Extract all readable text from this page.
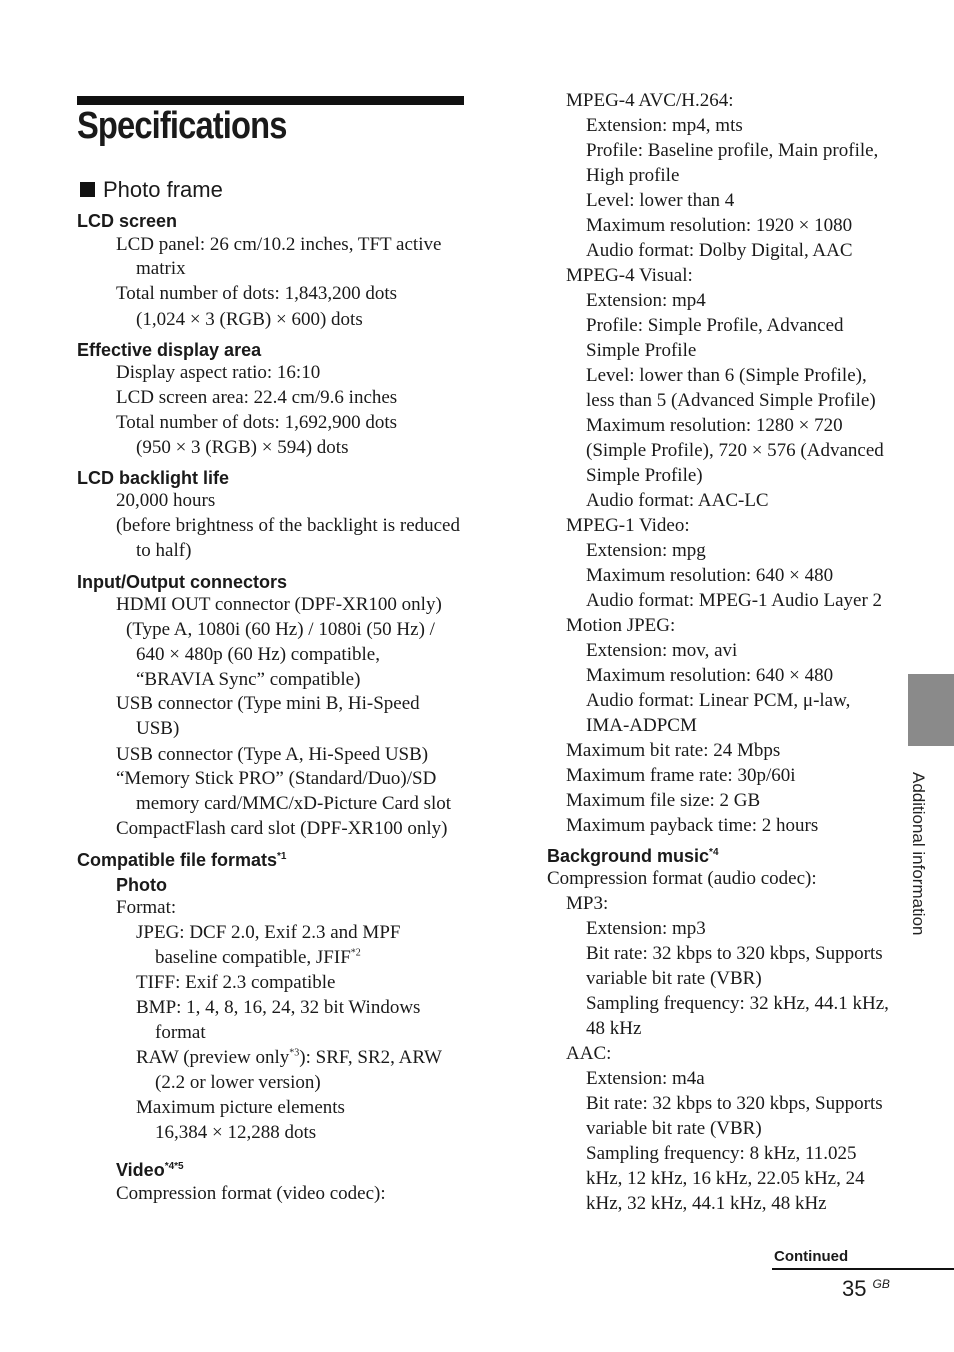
Specifications
Photo frame
LCD screen
LCD panel: 26 cm/10.2 inches, TFT active
matrix
Total number of dots: 1,843,200 dots
(1,024 × 3 (RGB) × 600) dots
Effective display area
Display aspect ratio: 16:10
LCD screen area: 22.4 cm/9.6 inches
Total number of dots: 1,692,900 dots
(950 × 3 (RGB) × 594) dots
LCD backlight life
20,000 hours
(before brightness of the backlight is reduced
to half)
Input/Output connectors
HDMI OUT connector (DPF-XR100 only)
(Type A, 1080i (60 Hz) / 1080i (50 Hz) /
640 × 480p (60 Hz) compatible,
“BRAVIA Sync” compatible)
USB connector (Type mini B, Hi-Speed
USB)
USB connector (Type A, Hi-Speed USB)
“Memory Stick PRO” (Standard/Duo)/SD
memory card/MMC/xD-Picture Card slot
CompactFlash card slot (DPF-XR100 only)
Compatible file formats$^{*1}$
Photo
Format:
JPEG: DCF 2.0, Exif 2.3 and MPF
baseline compatible, JFIF$^{*2}$
TIFF: Exif 2.3 compatible
BMP: 1, 4, 8, 16, 24, 32 bit Windows
format
RAW (preview only$^{*3}$): SRF, SR2, ARW
(2.2 or lower version)
Maximum picture elements
16,384 × 12,288 dots
Video$^{*4*5}$
Compression format (video codec):
MPEG-4 AVC/H.264:
Extension: mp4, mts
Profile: Baseline profile, Main profile,
High profile
Level: lower than 4
Maximum resolution: 1920 × 1080
Audio format: Dolby Digital, AAC
MPEG-4 Visual:
Extension: mp4
Profile: Simple Profile, Advanced
Simple Profile
Level: lower than 6 (Simple Profile),
less than 5 (Advanced Simple Profile)
Maximum resolution: 1280 × 720
(Simple Profile), 720 × 576 (Advanced
Simple Profile)
Audio format: AAC-LC
MPEG-1 Video:
Extension: mpg
Maximum resolution: 640 × 480
Audio format: MPEG-1 Audio Layer 2
Motion JPEG:
Extension: mov, avi
Maximum resolution: 640 × 480
Audio format: Linear PCM, μ-law,
IMA-ADPCM
Maximum bit rate: 24 Mbps
Maximum frame rate: 30p/60i
Maximum file size: 2 GB
Maximum payback time: 2 hours
Background music$^{*4}$
Compression format (audio codec):
MP3:
Extension: mp3
Bit rate: 32 kbps to 320 kbps, Supports
variable bit rate (VBR)
Sampling frequency: 32 kHz, 44.1 kHz,
48 kHz
AAC:
Extension: m4a
Bit rate: 32 kbps to 320 kbps, Supports
variable bit rate (VBR)
Sampling frequency: 8 kHz, 11.025
kHz, 12 kHz, 16 kHz, 22.05 kHz, 24
kHz, 32 kHz, 44.1 kHz, 48 kHz
Additional information
Continued
35 $^{GB}$
